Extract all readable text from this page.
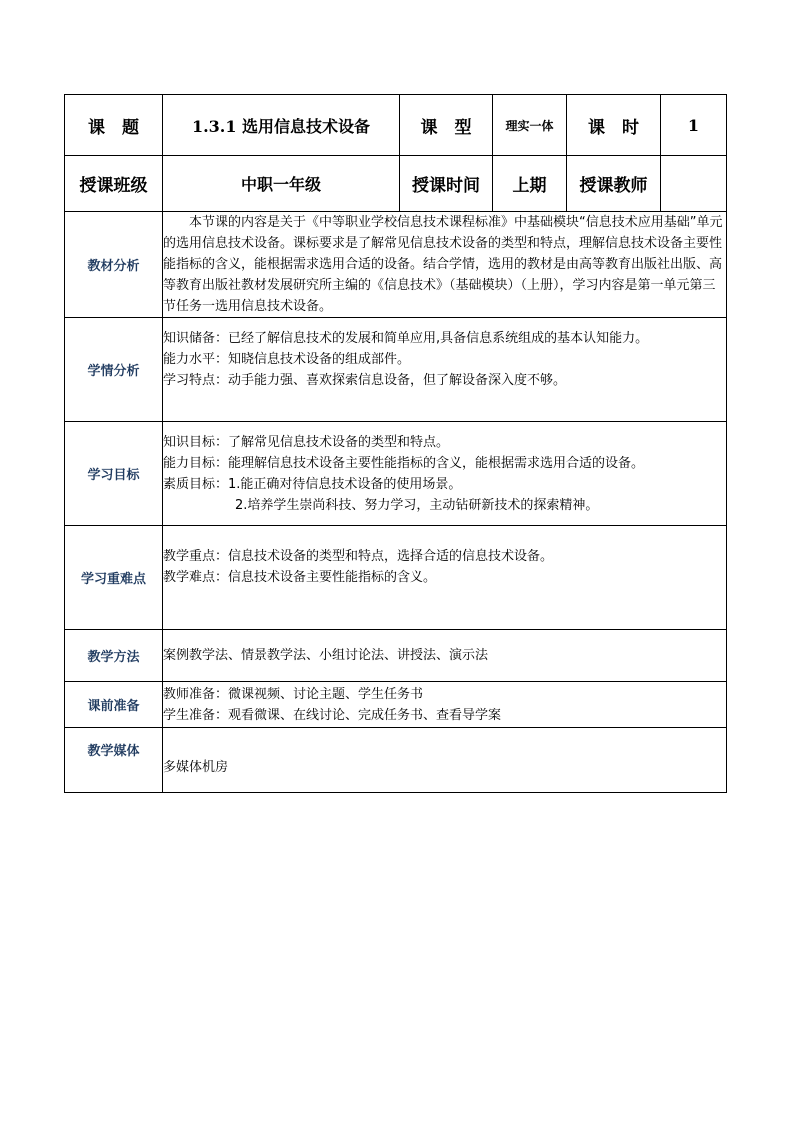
课　题	1.3.1 选用信息技术设备	课　型	理实一体	课　时	1
授课班级	中职一年级	授课时间	上期	授课教师	
教材分析	本节课的内容是关于《中等职业学校信息技术课程标准》中基础模块“信息技术应用基础”单元的选用信息技术设备。课标要求是了解常见信息技术设备的类型和特点，理解信息技术设备主要性能指标的含义，能根据需求选用合适的设备。结合学情，选用的教材是由高等教育出版社出版、高等教育出版社教材发展研究所主编的《信息技术》（基础模块）（上册），学习内容是第一单元第三节任务一选用信息技术设备。				

学情分析	知识储备：已经了解信息技术的发展和简单应用,具备信息系统组成的基本认知能力。

能力水平：知晓信息技术设备的组成部件。

学习特点：动手能力强、喜欢探索信息设备，但了解设备深入度不够。				

学习目标	知识目标：了解常见信息技术设备的类型和特点。

能力目标：能理解信息技术设备主要性能指标的含义，能根据需求选用合适的设备。

素质目标：1.能正确对待信息技术设备的使用场景。

2.培养学生崇尚科技、努力学习，主动钻研新技术的探索精神。				

学习重难点	教学重点：信息技术设备的类型和特点，选择合适的信息技术设备。

教学难点：信息技术设备主要性能指标的含义。				

教学方法	案例教学法、情景教学法、小组讨论法、讲授法、演示法				

课前准备	教师准备：微课视频、讨论主题、学生任务书

学生准备：观看微课、在线讨论、完成任务书、查看导学案				

教学媒体	多媒体机房				
